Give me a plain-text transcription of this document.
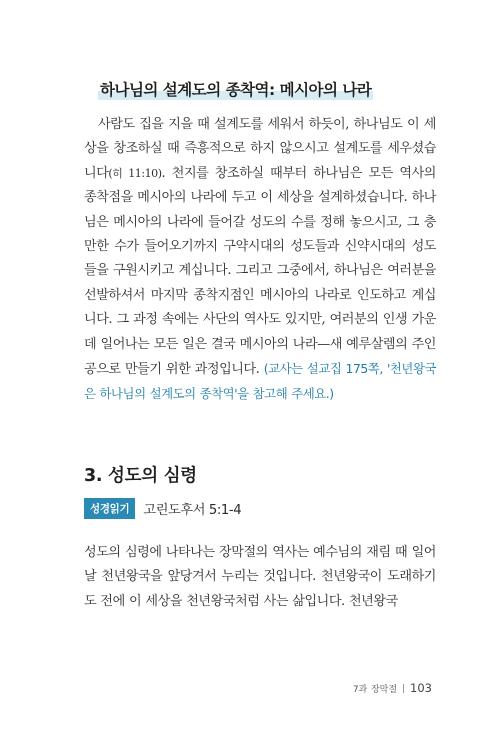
하나님의 설계도의 종착역: 메시아의 나라
사람도 집을 지을 때 설계도를 세워서 하듯이, 하나님도 이 세상을 창조하실 때 즉흥적으로 하지 않으시고 설계도를 세우셨습니다(히 11:10). 천지를 창조하실 때부터 하나님은 모든 역사의 종착점을 메시아의 나라에 두고 이 세상을 설계하셨습니다. 하나님은 메시아의 나라에 들어갈 성도의 수를 정해 놓으시고, 그 충만한 수가 들어오기까지 구약시대의 성도들과 신약시대의 성도들을 구원시키고 계십니다. 그리고 그중에서, 하나님은 여러분을 선발하셔서 마지막 종착지점인 메시아의 나라로 인도하고 계십니다. 그 과정 속에는 사단의 역사도 있지만, 여러분의 인생 가운데 일어나는 모든 일은 결국 메시아의 나라—새 예루살렘의 주인공으로 만들기 위한 과정입니다. (교사는 설교집 175쪽, '천년왕국은 하나님의 설계도의 종착역'을 참고해 주세요.)
3. 성도의 심령
성경읽기	고린도후서 5:1-4
성도의 심령에 나타나는 장막절의 역사는 예수님의 재림 때 일어날 천년왕국을 앞당겨서 누리는 것입니다. 천년왕국이 도래하기도 전에 이 세상을 천년왕국처럼 사는 삶입니다. 천년왕국
7과 장막절 103
